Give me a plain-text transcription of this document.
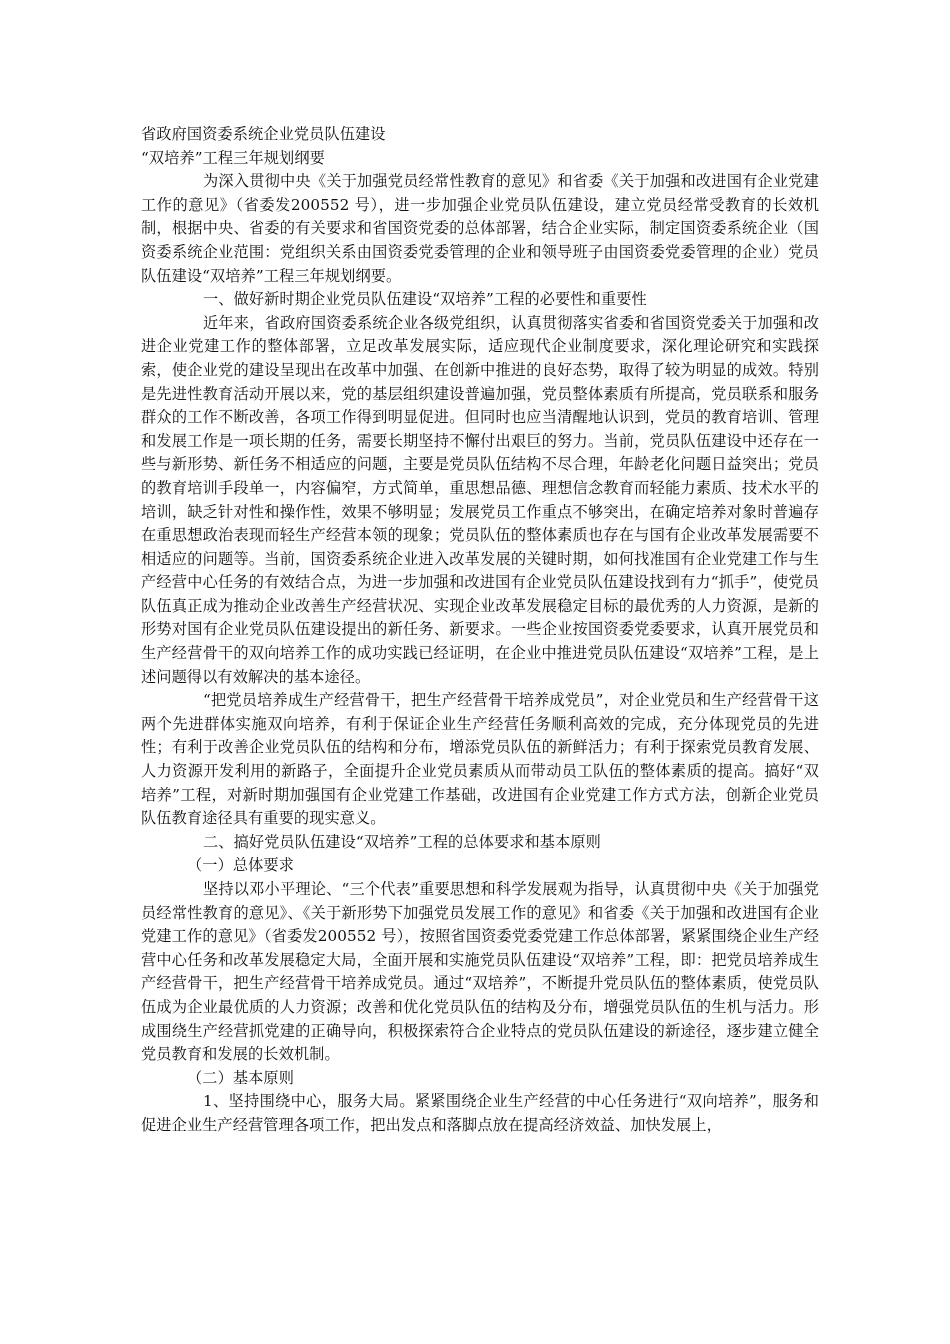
省政府国资委系统企业党员队伍建设

“双培养”工程三年规划纲要

为深入贯彻中央《关于加强党员经常性教育的意见》和省委《关于加强和改进国有企业党建工作的意见》（省委发200552 号），进一步加强企业党员队伍建设，建立党员经常受教育的长效机制，根据中央、省委的有关要求和省国资党委的总体部署，结合企业实际，制定国资委系统企业（国资委系统企业范围：党组织关系由国资委党委管理的企业和领导班子由国资委党委管理的企业）党员队伍建设“双培养”工程三年规划纲要。

一、做好新时期企业党员队伍建设“双培养”工程的必要性和重要性

近年来，省政府国资委系统企业各级党组织，认真贯彻落实省委和省国资党委关于加强和改进企业党建工作的整体部署，立足改革发展实际，适应现代企业制度要求，深化理论研究和实践探索，使企业党的建设呈现出在改革中加强、在创新中推进的良好态势，取得了较为明显的成效。特别是先进性教育活动开展以来，党的基层组织建设普遍加强，党员整体素质有所提高，党员联系和服务群众的工作不断改善，各项工作得到明显促进。但同时也应当清醒地认识到，党员的教育培训、管理和发展工作是一项长期的任务，需要长期坚持不懈付出艰巨的努力。当前，党员队伍建设中还存在一些与新形势、新任务不相适应的问题，主要是党员队伍结构不尽合理，年龄老化问题日益突出；党员的教育培训手段单一，内容偏窄，方式简单，重思想品德、理想信念教育而轻能力素质、技术水平的培训，缺乏针对性和操作性，效果不够明显；发展党员工作重点不够突出，在确定培养对象时普遍存在重思想政治表现而轻生产经营本领的现象；党员队伍的整体素质也存在与国有企业改革发展需要不相适应的问题等。当前，国资委系统企业进入改革发展的关键时期，如何找准国有企业党建工作与生产经营中心任务的有效结合点，为进一步加强和改进国有企业党员队伍建设找到有力“抓手”，使党员队伍真正成为推动企业改善生产经营状况、实现企业改革发展稳定目标的最优秀的人力资源，是新的形势对国有企业党员队伍建设提出的新任务、新要求。一些企业按国资委党委要求，认真开展党员和生产经营骨干的双向培养工作的成功实践已经证明，在企业中推进党员队伍建设“双培养”工程，是上述问题得以有效解决的基本途径。

“把党员培养成生产经营骨干，把生产经营骨干培养成党员”，对企业党员和生产经营骨干这两个先进群体实施双向培养，有利于保证企业生产经营任务顺利高效的完成，充分体现党员的先进性；有利于改善企业党员队伍的结构和分布，增添党员队伍的新鲜活力；有利于探索党员教育发展、人力资源开发利用的新路子，全面提升企业党员素质从而带动员工队伍的整体素质的提高。搞好“双培养”工程，对新时期加强国有企业党建工作基础，改进国有企业党建工作方式方法，创新企业党员队伍教育途径具有重要的现实意义。

二、搞好党员队伍建设“双培养”工程的总体要求和基本原则

（一）总体要求

坚持以邓小平理论、“三个代表”重要思想和科学发展观为指导，认真贯彻中央《关于加强党员经常性教育的意见》、《关于新形势下加强党员发展工作的意见》和省委《关于加强和改进国有企业党建工作的意见》（省委发200552 号），按照省国资委党委党建工作总体部署，紧紧围绕企业生产经营中心任务和改革发展稳定大局，全面开展和实施党员队伍建设“双培养”工程，即：把党员培养成生产经营骨干，把生产经营骨干培养成党员。通过“双培养”，不断提升党员队伍的整体素质，使党员队伍成为企业最优质的人力资源；改善和优化党员队伍的结构及分布，增强党员队伍的生机与活力。形成围绕生产经营抓党建的正确导向，积极探索符合企业特点的党员队伍建设的新途径，逐步建立健全党员教育和发展的长效机制。

（二）基本原则

1、坚持围绕中心，服务大局。紧紧围绕企业生产经营的中心任务进行“双向培养”，服务和促进企业生产经营管理各项工作，把出发点和落脚点放在提高经济效益、加快发展上，
